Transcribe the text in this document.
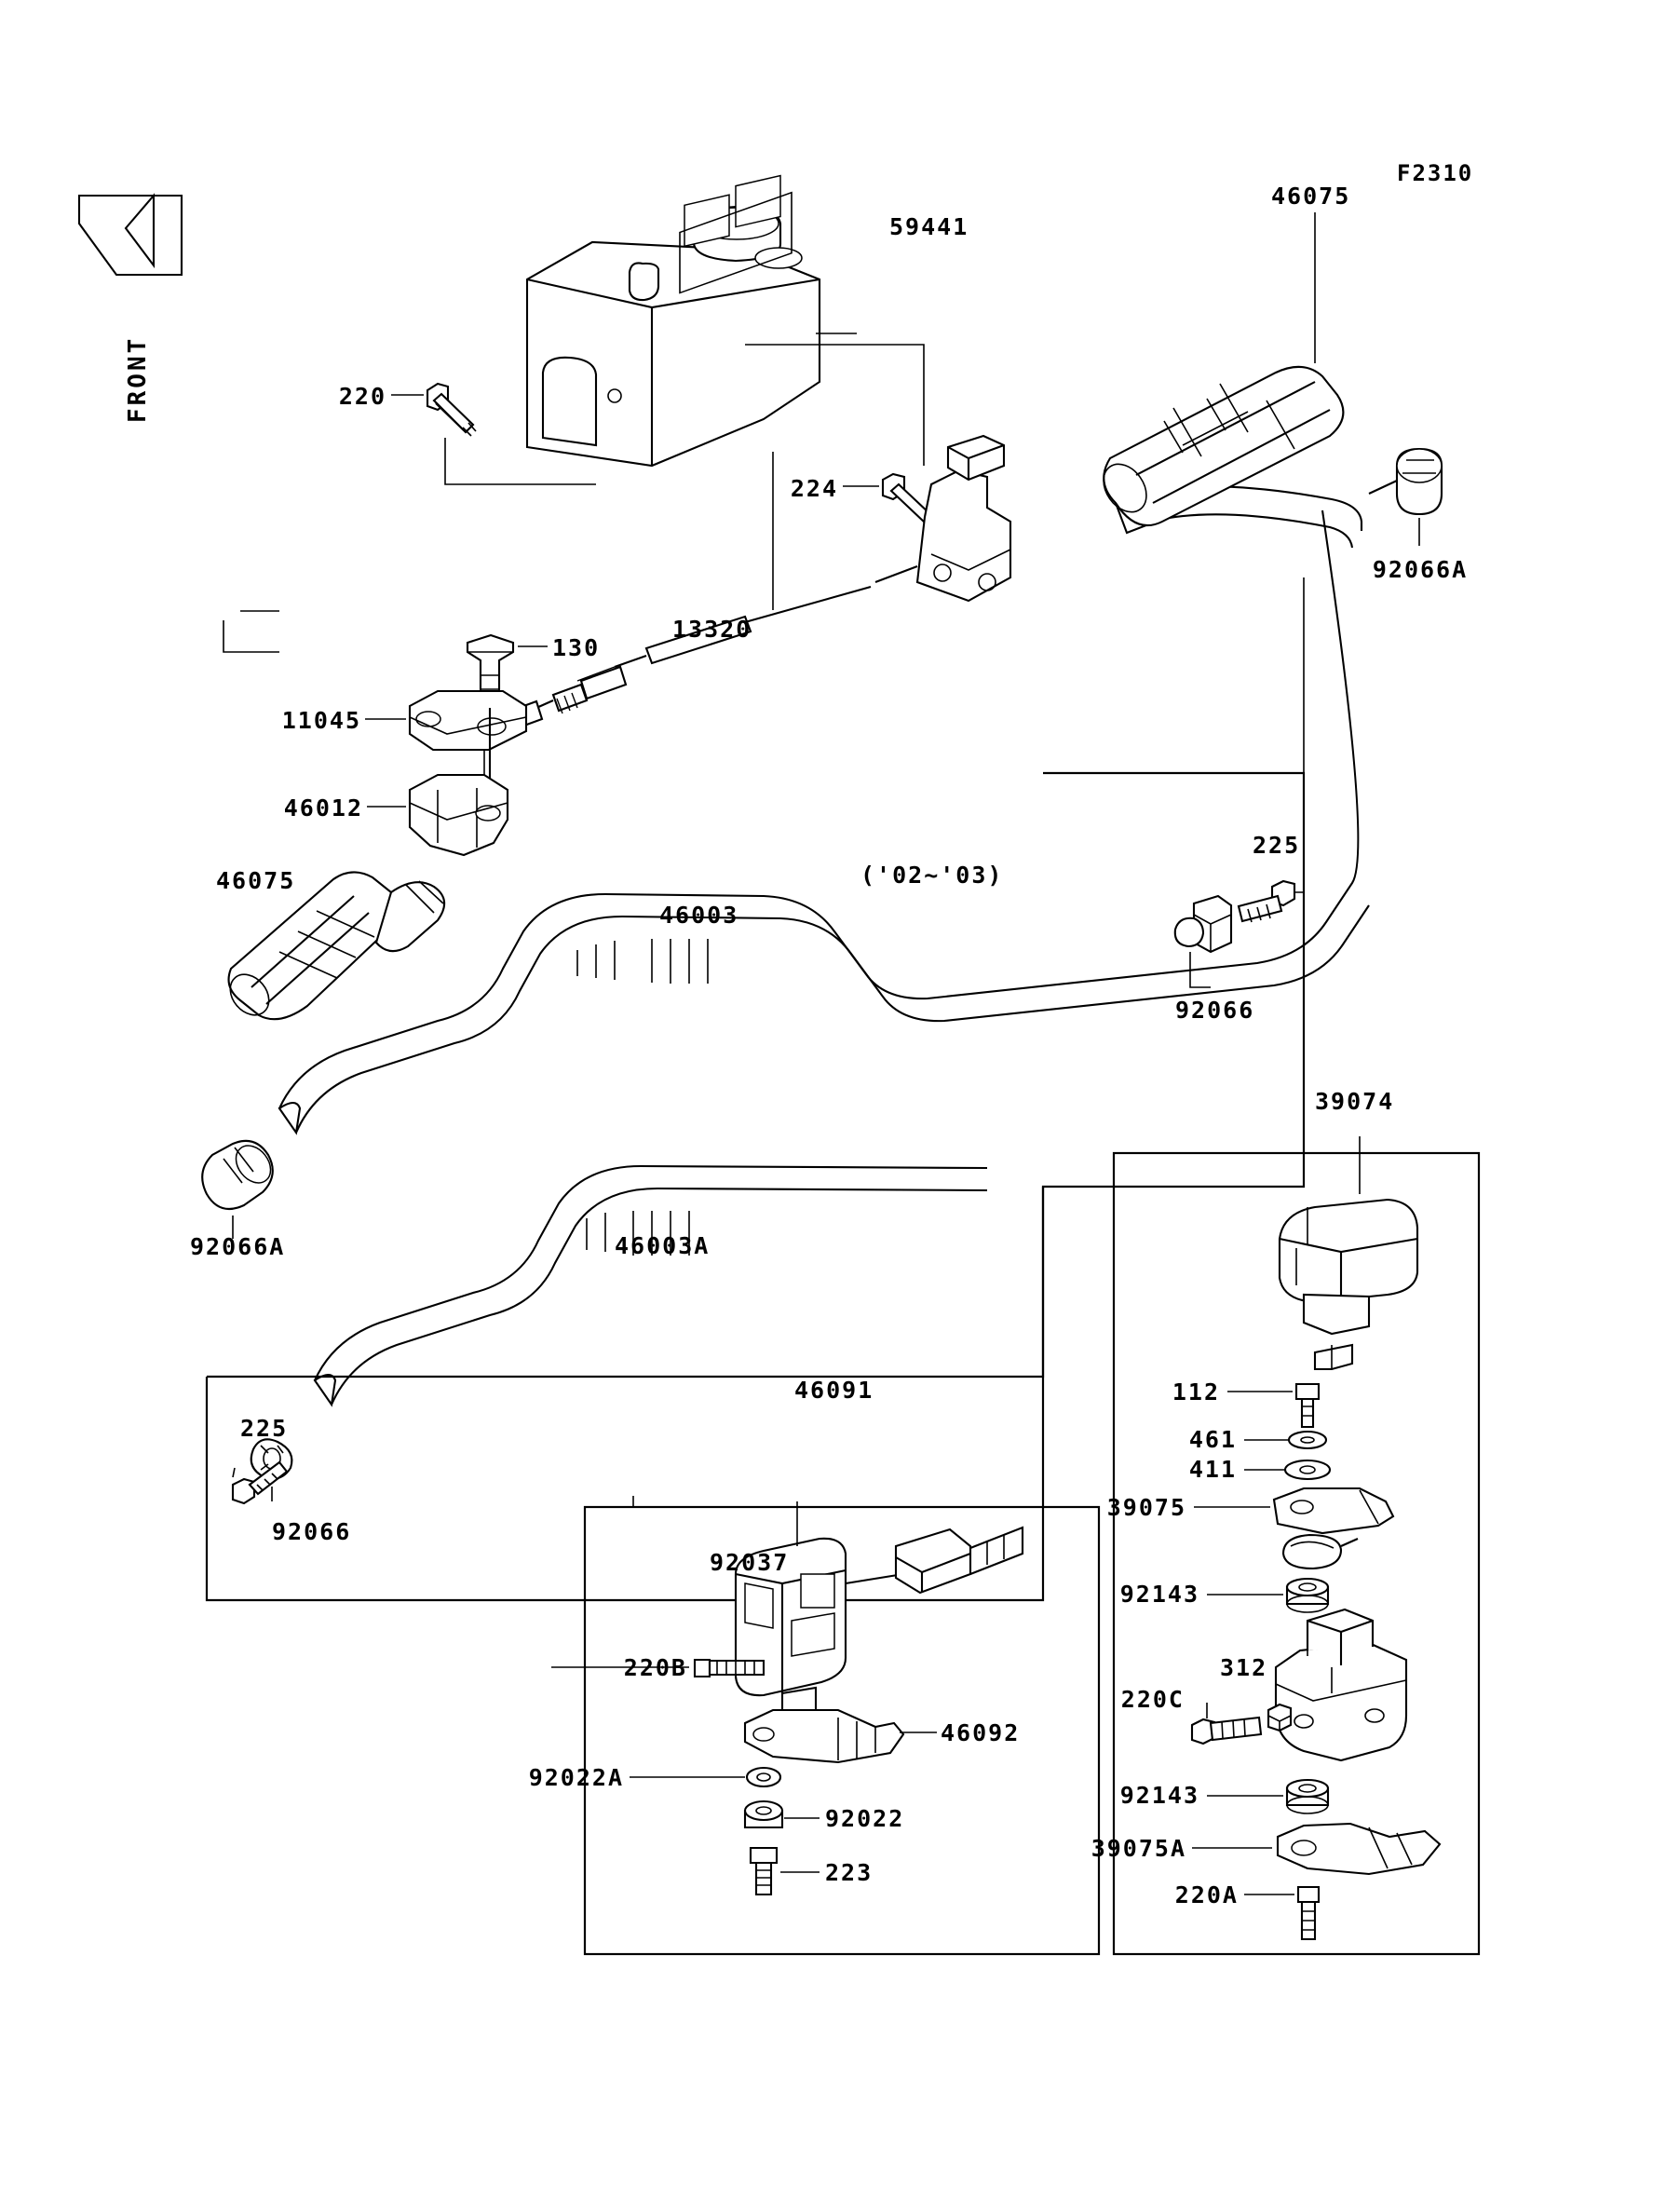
FRONT
F2310
('02~'03)
59441
46075
220
224
92066A
130
13320
11045
46012
225
46075
46003
92066
39074
92066A	46003A
46091	112
225	461
411
39075
92066
92037
92143
312
220C
220B
92143
46092
92022A
39075A
92022
220A
223
